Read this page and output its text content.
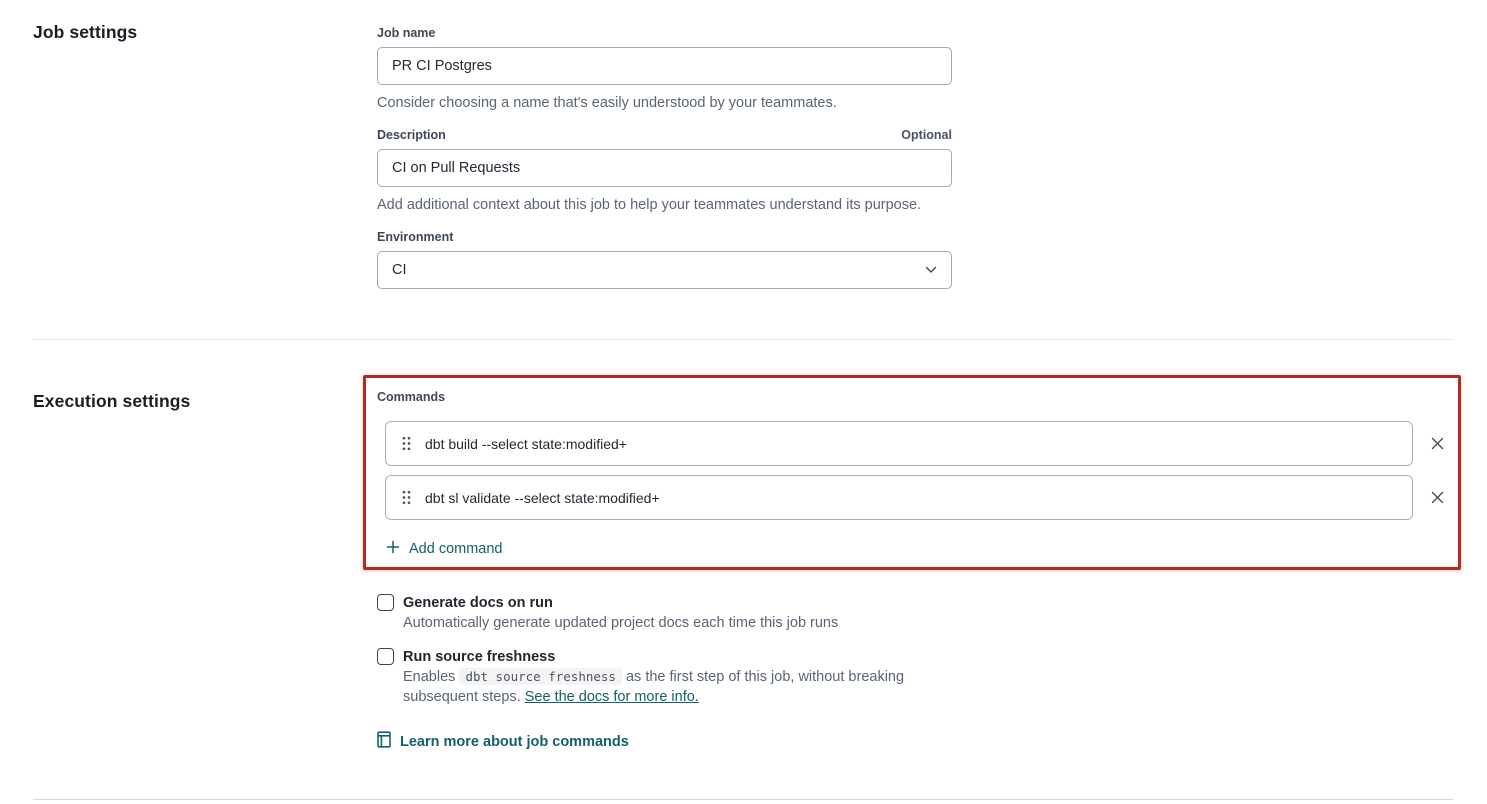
Job settings	Job name
PR CI Postgres

Consider choosing a name that's easily understood by your teammates.

Description	Optional
CI on Pull Requests

Add additional context about this job to help your teammates understand its purpose.

Environment
CI
Execution settings	Commands
dbt build --select state:modified+
dbt sl validate --select state:modified+
Add command
Generate docs on run
Automatically generate updated project docs each time this job runs
Run source freshness
Enables dbt source freshness as the first step of this job, without breaking subsequent steps. See the docs for more info.
Learn more about job commands
